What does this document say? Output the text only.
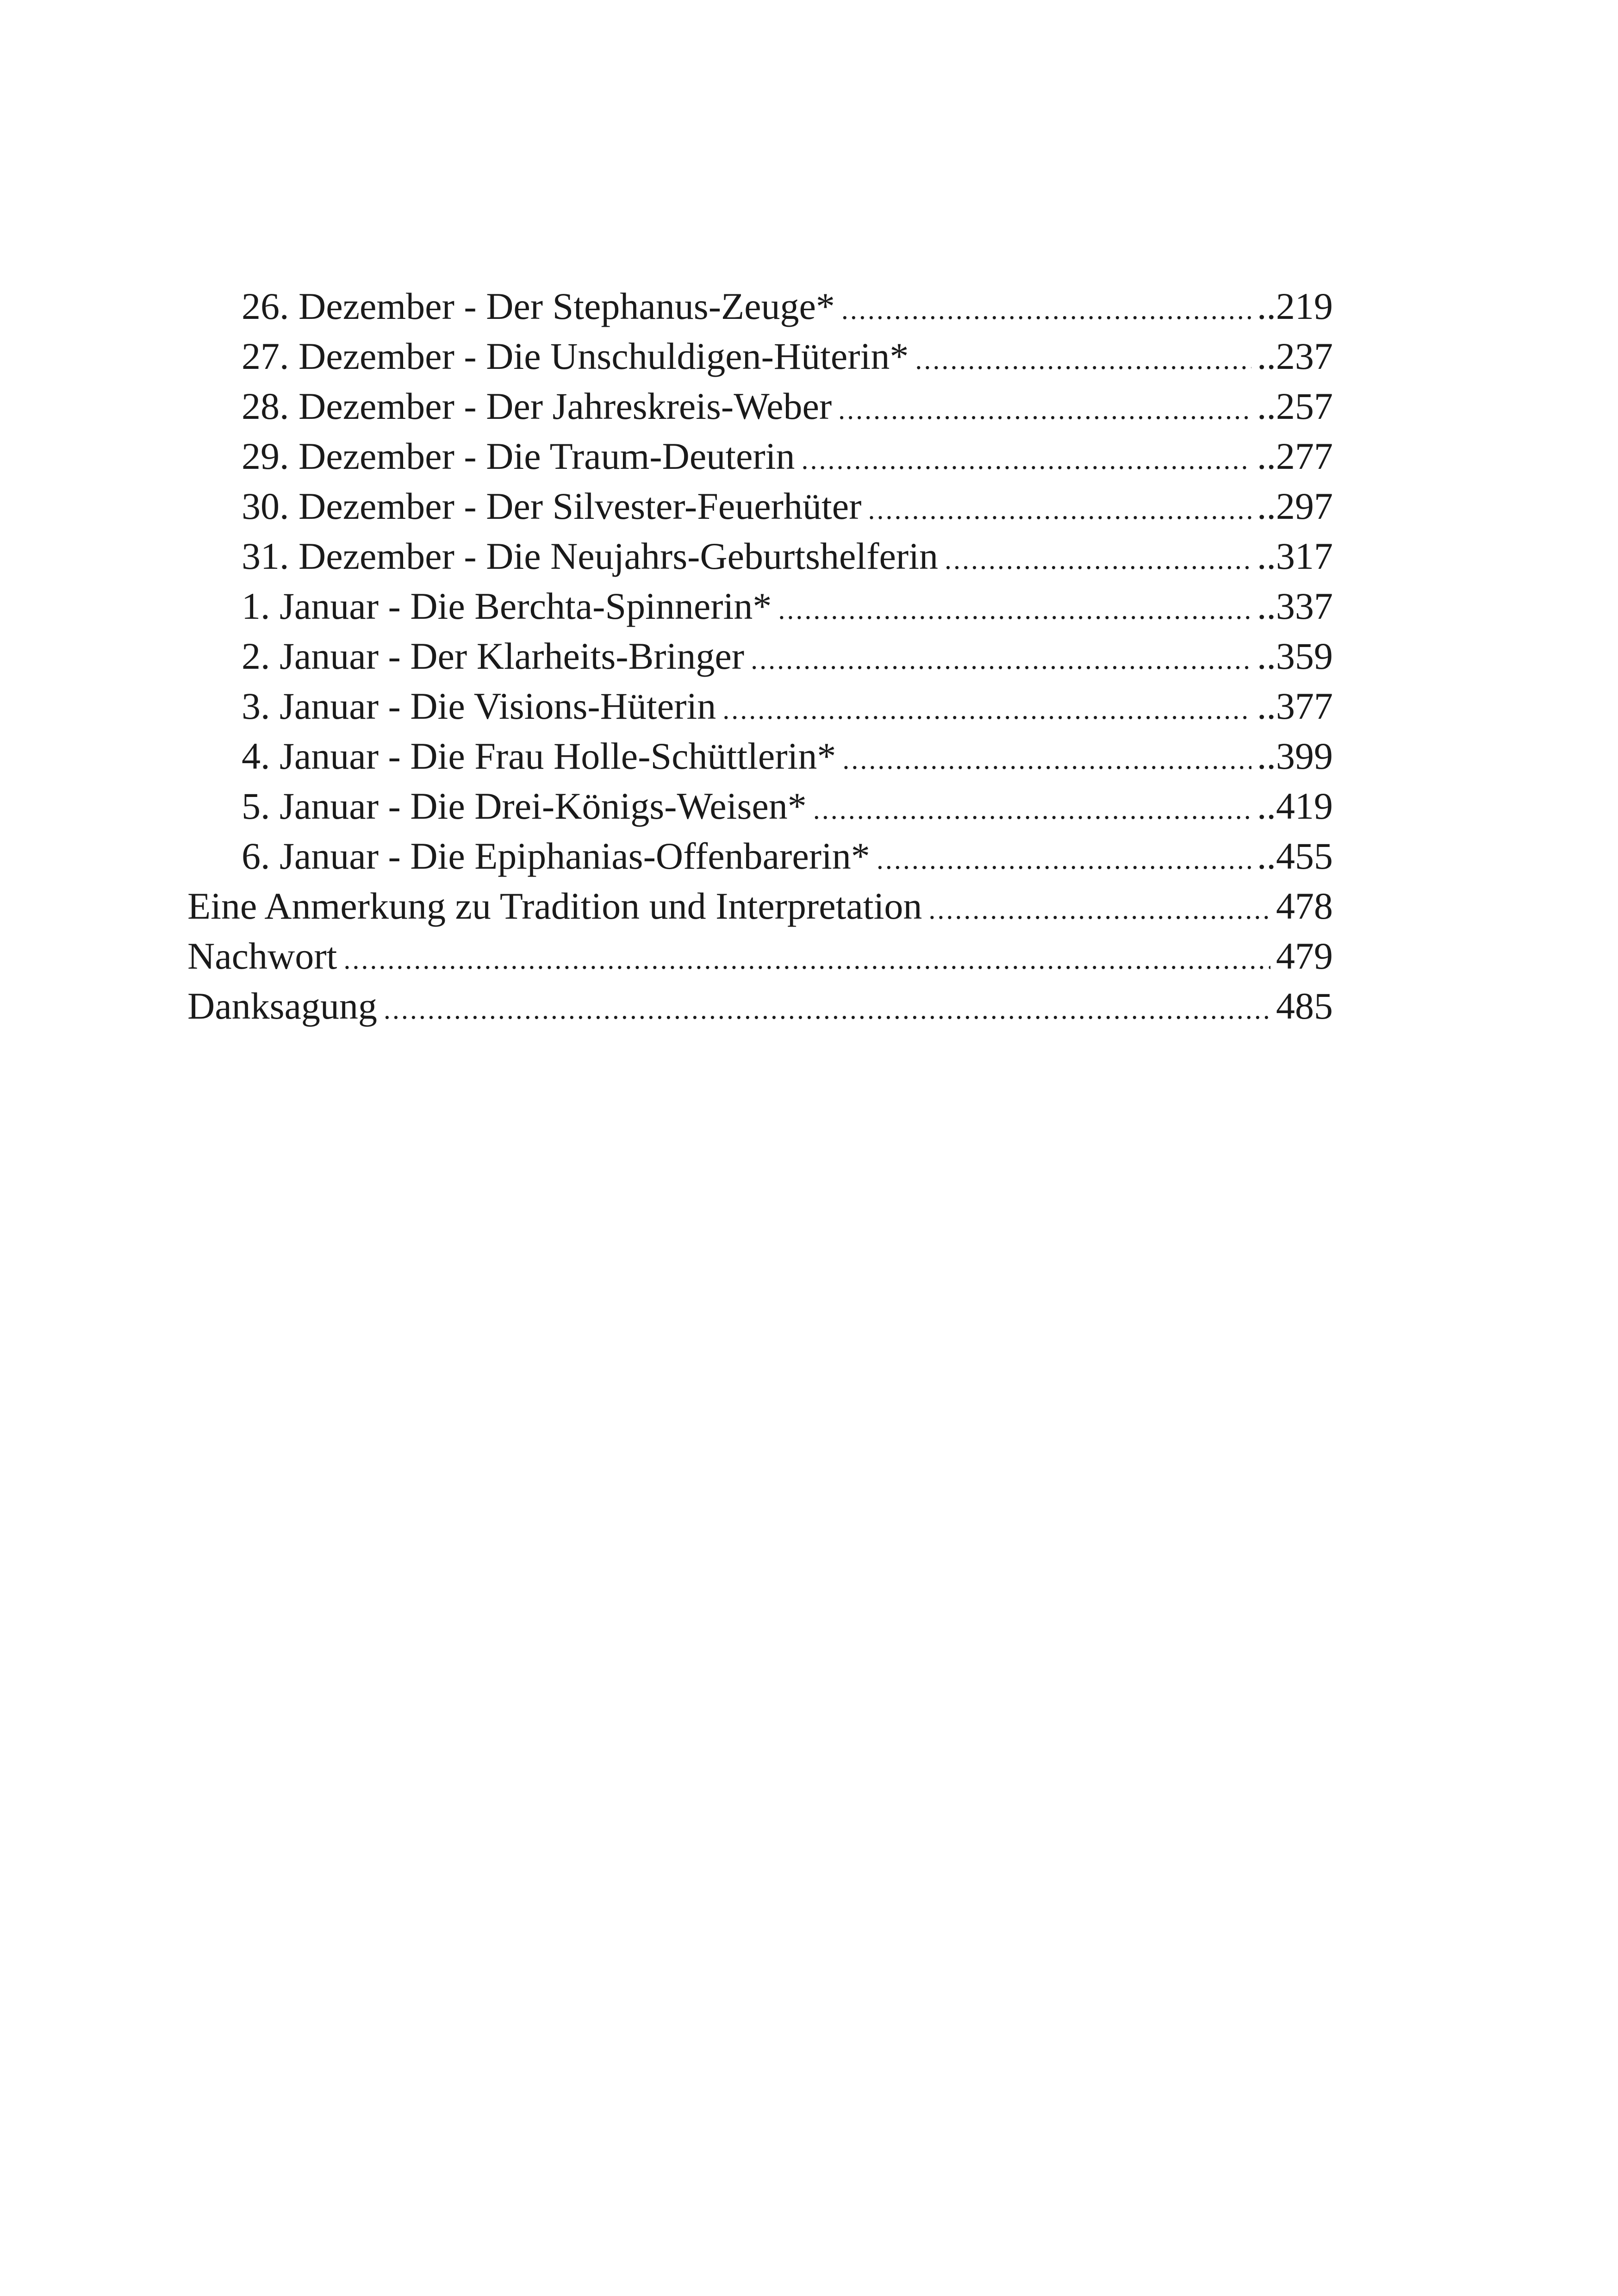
26. Dezember - Der Stephanus-Zeuge* .....	..219
27. Dezember - Die Unschuldigen-Hüterin* .....	..237
28. Dezember - Der Jahreskreis-Weber .....	..257
29. Dezember - Die Traum-Deuterin .....	..277
30. Dezember - Der Silvester-Feuerhüter .....	..297
31. Dezember - Die Neujahrs-Geburtshelferin .....	..317
1. Januar - Die Berchta-Spinnerin* .....	..337
2. Januar - Der Klarheits-Bringer .....	..359
3. Januar - Die Visions-Hüterin .....	..377
4. Januar - Die Frau Holle-Schüttlerin* .....	..399
5. Januar - Die Drei-Königs-Weisen* .....	..419
6. Januar - Die Epiphanias-Offenbarerin* .....	..455
Eine Anmerkung zu Tradition und Interpretation .....	478
Nachwort .....	479
Danksagung .....	485
